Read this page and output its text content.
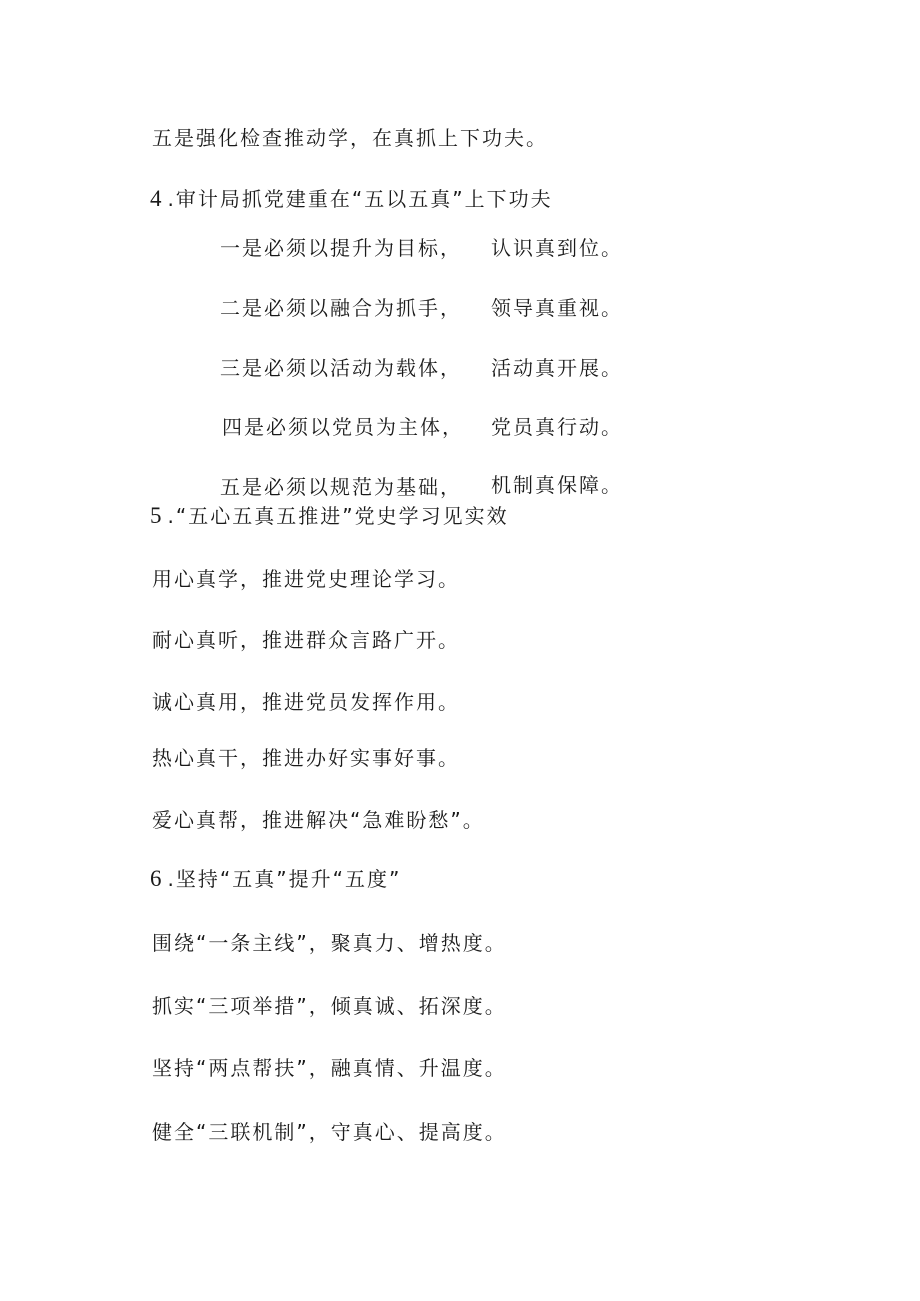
五是强化检查推动学，在真抓上下功夫。
4 .审计局抓党建重在“五以五真”上下功夫
一是必须以提升为目标， 认识真到位。
二是必须以融合为抓手， 领导真重视。
三是必须以活动为载体， 活动真开展。
四是必须以党员为主体， 党员真行动。
五是必须以规范为基础， 机制真保障。
5 .“五心五真五推进”党史学习见实效
用心真学，推进党史理论学习。
耐心真听，推进群众言路广开。
诚心真用，推进党员发挥作用。
热心真干，推进办好实事好事。
爱心真帮，推进解决“急难盼愁”。
6 .坚持“五真”提升“五度”
围绕“一条主线”，聚真力、增热度。
抓实“三项举措”，倾真诚、拓深度。
坚持“两点帮扶”，融真情、升温度。
健全“三联机制”，守真心、提高度。
